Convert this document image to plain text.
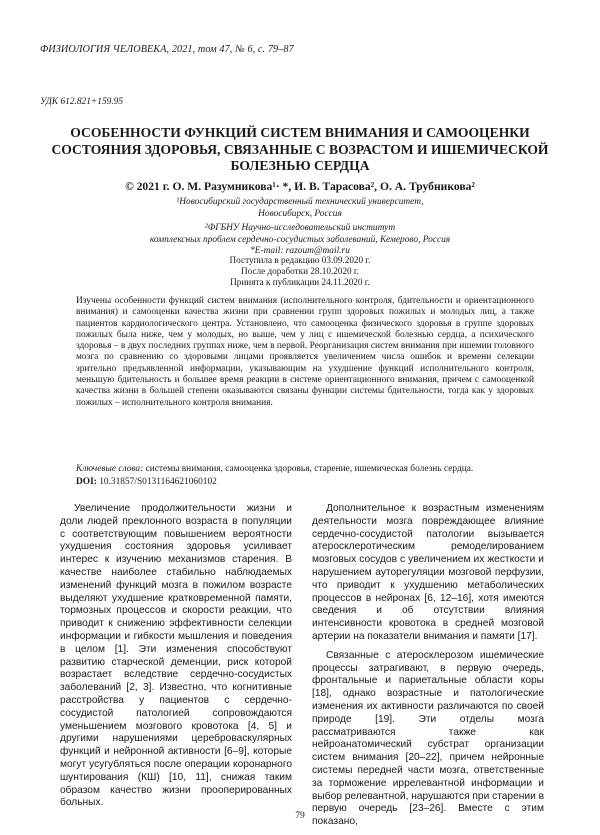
ФИЗИОЛОГИЯ ЧЕЛОВЕКА, 2021, том 47, № 6, с. 79–87
УДК 612.821+159.95
ОСОБЕННОСТИ ФУНКЦИЙ СИСТЕМ ВНИМАНИЯ И САМООЦЕНКИ СОСТОЯНИЯ ЗДОРОВЬЯ, СВЯЗАННЫЕ С ВОЗРАСТОМ И ИШЕМИЧЕСКОЙ БОЛЕЗНЬЮ СЕРДЦА
© 2021 г. О. М. Разумникова¹· *, И. В. Тарасова², О. А. Трубникова²
¹Новосибирский государственный технический университет,
Новосибирск, Россия
²ФГБНУ Научно-исследовательский институт
комплексных проблем сердечно-сосудистых заболеваний, Кемерово, Россия
*E-mail: razoum@mail.ru
Поступила в редакцию 03.09.2020 г.
После доработки 28.10.2020 г.
Принята к публикации 24.11.2020 г.

Изучены особенности функций систем внимания (исполнительного контроля, бдительности и ориентационного внимания) и самооценки качества жизни при сравнении групп здоровых пожилых и молодых лиц, а также пациентов кардиологического центра. Установлено, что самооценка физического здоровья в группе здоровых пожилых была ниже, чем у молодых, но выше, чем у лиц с ишемической болезнью сердца, а психического здоровья – в двух последних группах ниже, чем в первой. Реорганизация систем внимания при ишемии головного мозга по сравнению со здоровыми лицами проявляется увеличением числа ошибок и времени селекции зрительно предъявленной информации, указывающим на ухудшение функций исполнительного контроля, меньшую бдительность и большее время реакции в системе ориентационного внимания, причем с самооценкой качества жизни в большей степени оказываются связаны функции системы бдительности, тогда как у здоровых пожилых – исполнительного контроля внимания.

Ключевые слова: системы внимания, самооценка здоровья, старение, ишемическая болезнь сердца.
DOI: 10.31857/S0131164621060102

Увеличение продолжительности жизни и доли людей преклонного возраста в популяции с соответствующим повышением вероятности ухудшения состояния здоровья усиливает интерес к изучению механизмов старения. В качестве наиболее стабильно наблюдаемых изменений функций мозга в пожилом возрасте выделяют ухудшение кратковременной памяти, тормозных процессов и скорости реакции, что приводит к снижению эффективности селекции информации и гибкости мышления и поведения в целом [1]. Эти изменения способствуют развитию старческой деменции, риск которой возрастает вследствие сердечно-сосудистых заболеваний [2, 3]. Известно, что когнитивные расстройства у пациентов с сердечно-сосудистой патологией сопровождаются уменьшением мозгового кровотока [4, 5] и другими нарушениями цереброваскулярных функций и нейронной активности [6–9], которые могут усугубляться после операции коронарного шунтирования (КШ) [10, 11], снижая таким образом качество жизни прооперированных больных.

Дополнительное к возрастным изменениям деятельности мозга повреждающее влияние сердечно-сосудистой патологии вызывается атеросклеротическим ремоделированием мозговых сосудов с увеличением их жесткости и нарушением ауторегуляции мозговой перфузии, что приводит к ухудшению метаболических процессов в нейронах [6, 12–16], хотя имеются сведения и об отсутствии влияния интенсивности кровотока в средней мозговой артерии на показатели внимания и памяти [17].

Связанные с атеросклерозом ишемические процессы затрагивают, в первую очередь, фронтальные и париетальные области коры [18], однако возрастные и патологические изменения их активности различаются по своей природе [19]. Эти отделы мозга рассматриваются также как нейроанатомический субстрат организации систем внимания [20–22], причем нейронные системы передней части мозга, ответственные за торможение иррелевантной информации и выбор релевантной, нарушаются при старении в первую очередь [23–26]. Вместе с этим показано,

79
